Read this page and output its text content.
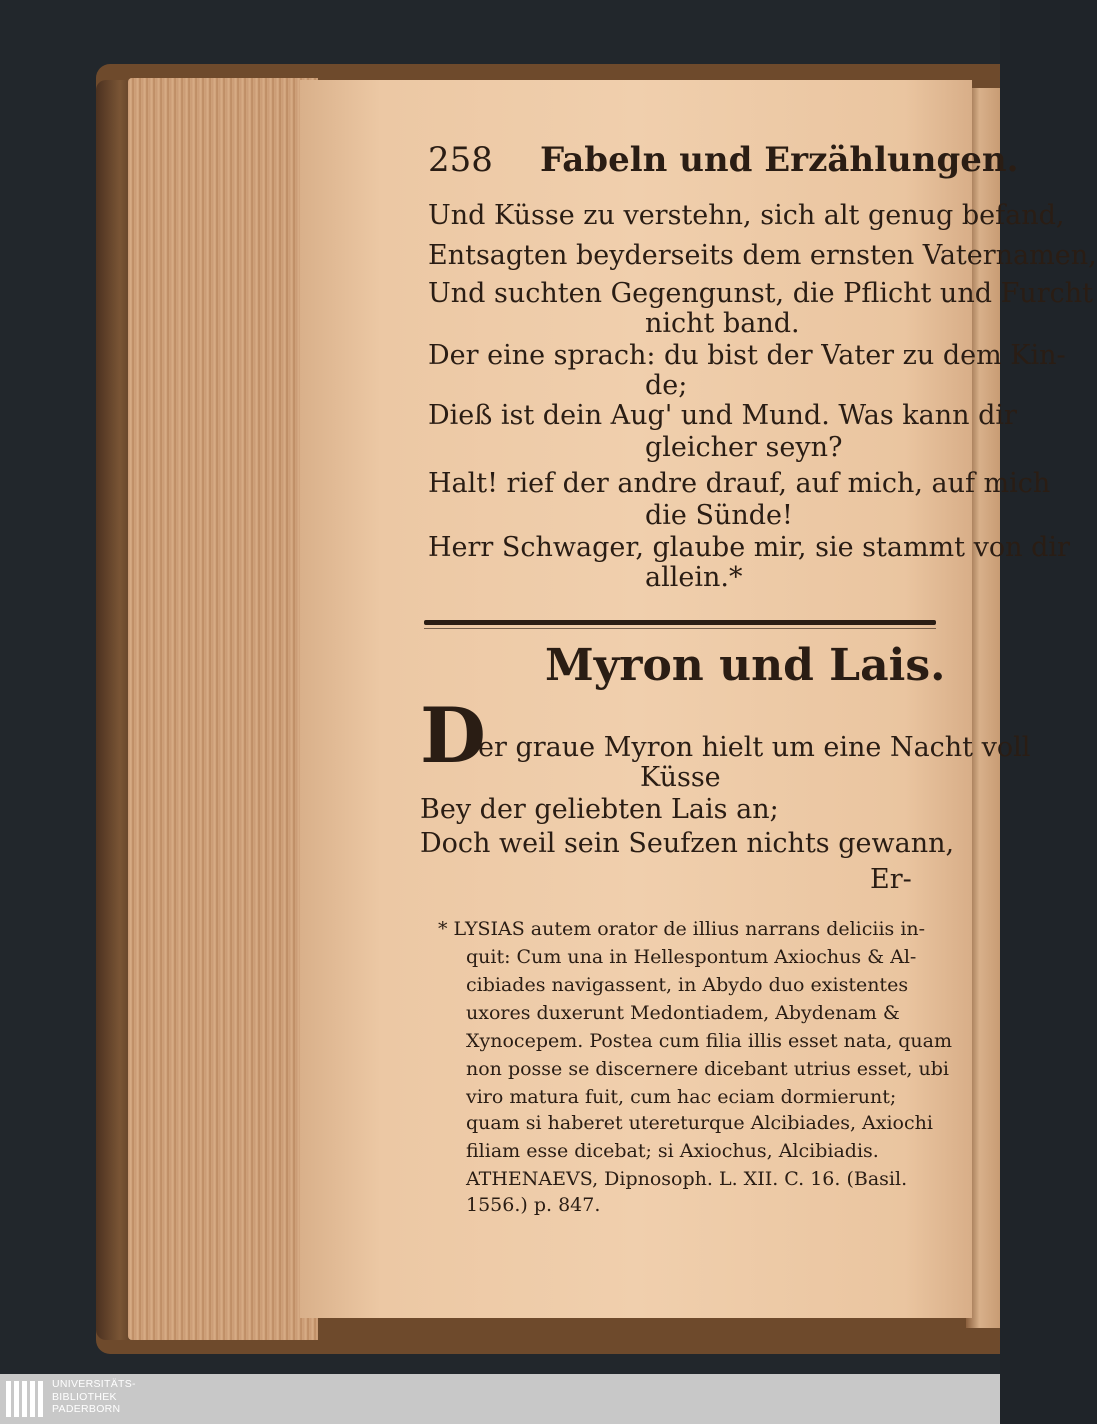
258 Fabeln und Erzählungen.
Und Küsse zu verstehn, sich alt genug befand,
Entsagten beyderseits dem ernsten Vaternamen,
Und suchten Gegengunst, die Pflicht und Furcht
nicht band.
Der eine sprach: du bist der Vater zu dem Kin-
de;
Dieß ist dein Aug' und Mund. Was kann dir
gleicher seyn?
Halt! rief der andre drauf, auf mich, auf mich
die Sünde!
Herr Schwager, glaube mir, sie stammt von dir
allein.*
Myron und Lais.
D
er graue Myron hielt um eine Nacht voll
Küsse
Bey der geliebten Lais an;
Doch weil sein Seufzen nichts gewann,
Er-
* LYSIAS autem orator de illius narrans deliciis in-
quit: Cum una in Hellespontum Axiochus & Al-
cibiades navigassent, in Abydo duo existentes
uxores duxerunt Medontiadem, Abydenam &
Xynocepem. Postea cum filia illis esset nata, quam
non posse se discernere dicebant utrius esset, ubi
viro matura fuit, cum hac eciam dormierunt;
quam si haberet utereturque Alcibiades, Axiochi
filiam esse dicebat; si Axiochus, Alcibiadis.
ATHENAEVS, Dipnosoph. L. XII. C. 16. (Basil.
1556.) p. 847.
UNIVERSITÄTS-
BIBLIOTHEK
PADERBORN
